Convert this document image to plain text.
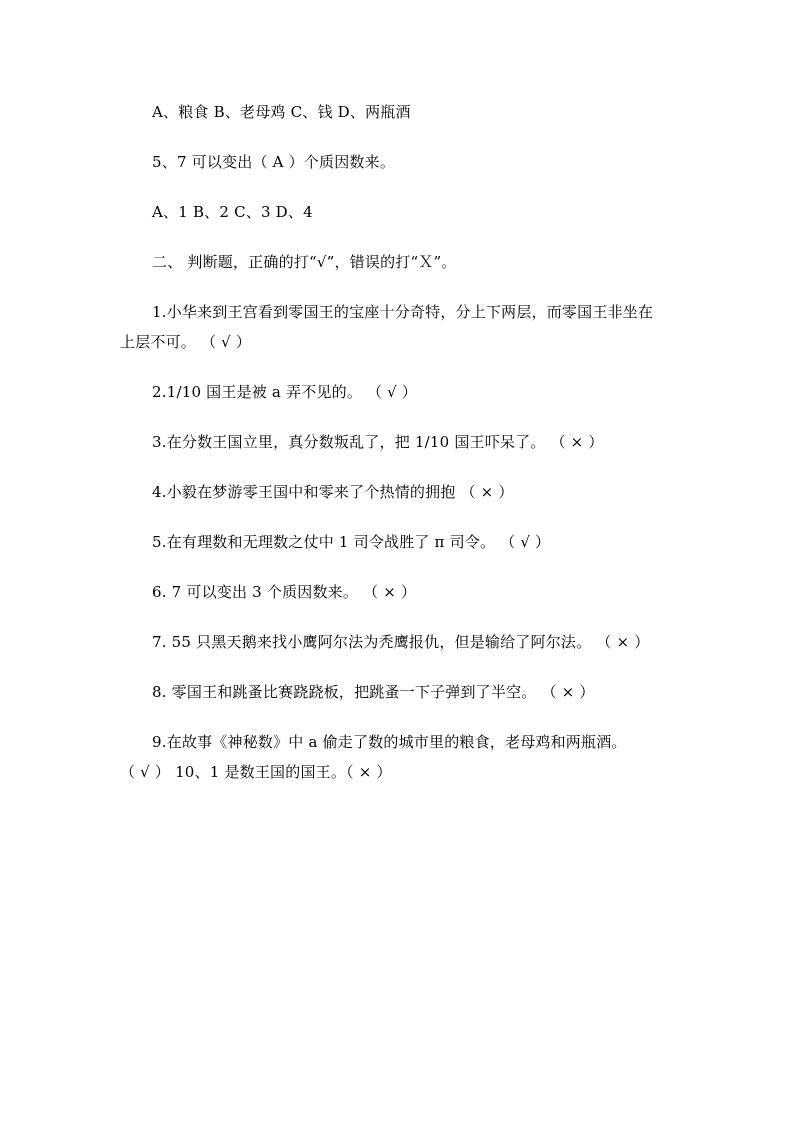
A、粮食 B、老母鸡 C、钱 D、两瓶酒
5、7 可以变出（ A ）个质因数来。
A、1 B、2 C、3 D、4
二、 判断题，正确的打“√”，错误的打“Ｘ”。
1.小华来到王宫看到零国王的宝座十分奇特，分上下两层，而零国王非坐在
上层不可。 （ √ ）
2.1/10 国王是被 a 弄不见的。 （ √ ）
3.在分数王国立里，真分数叛乱了，把 1/10 国王吓呆了。 （ × ）
4.小毅在梦游零王国中和零来了个热情的拥抱 （ × ）
5.在有理数和无理数之仗中 1 司令战胜了 π 司令。 （ √ ）
6. 7 可以变出 3 个质因数来。 （ × ）
7. 55 只黑天鹅来找小鹰阿尔法为秃鹰报仇，但是输给了阿尔法。 （ × ）
8. 零国王和跳蚤比赛跷跷板，把跳蚤一下子弹到了半空。 （ × ）
9.在故事《神秘数》中 a 偷走了数的城市里的粮食，老母鸡和两瓶酒。
（ √ ） 10、1 是数王国的国王。（ × ）
